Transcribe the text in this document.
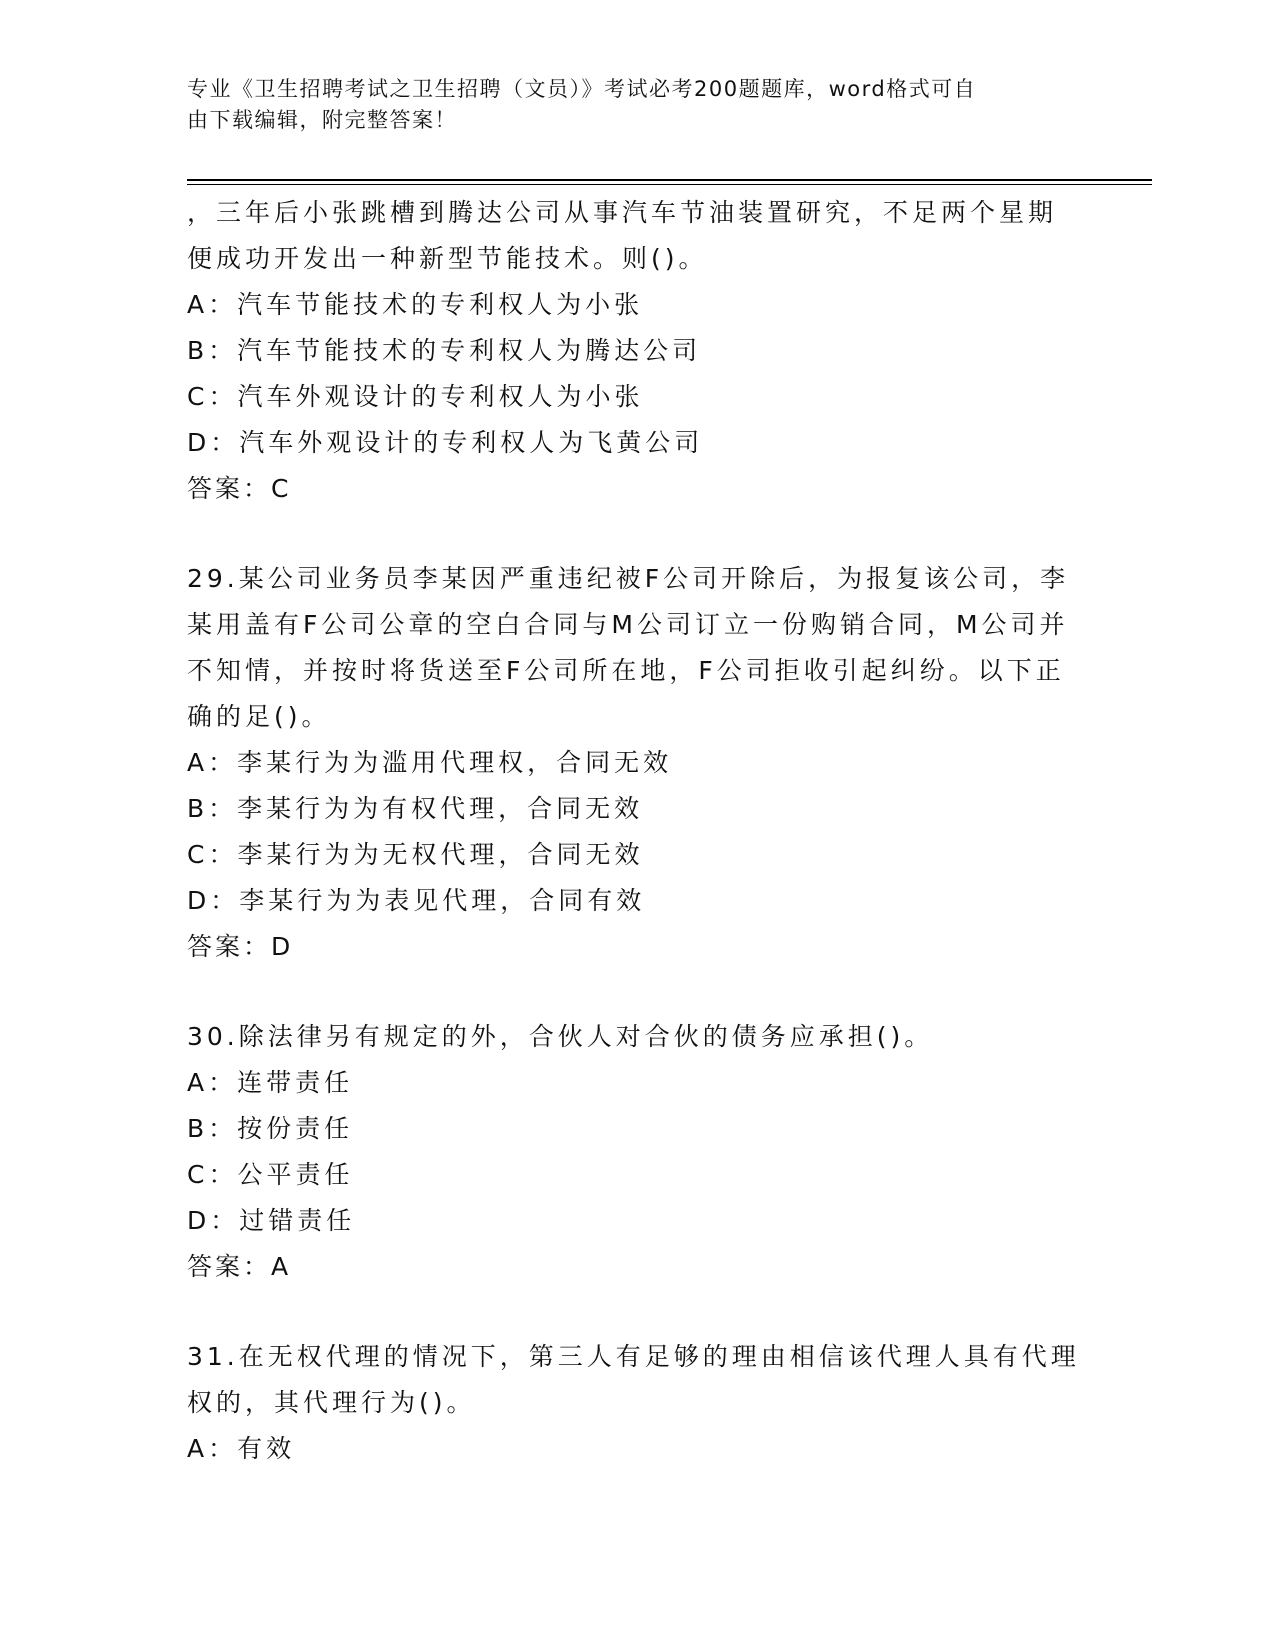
专业《卫生招聘考试之卫生招聘（文员）》考试必考200题题库，word格式可自
由下载编辑，附完整答案！
，三年后小张跳槽到腾达公司从事汽车节油装置研究，不足两个星期
便成功开发出一种新型节能技术。则()。
A：汽车节能技术的专利权人为小张
B：汽车节能技术的专利权人为腾达公司
C：汽车外观设计的专利权人为小张
D：汽车外观设计的专利权人为飞黄公司
答案：C
29.某公司业务员李某因严重违纪被F公司开除后，为报复该公司，李
某用盖有F公司公章的空白合同与M公司订立一份购销合同，M公司并
不知情，并按时将货送至F公司所在地，F公司拒收引起纠纷。以下正
确的足()。
A：李某行为为滥用代理权，合同无效
B：李某行为为有权代理，合同无效
C：李某行为为无权代理，合同无效
D：李某行为为表见代理，合同有效
答案：D
30.除法律另有规定的外，合伙人对合伙的债务应承担()。
A：连带责任
B：按份责任
C：公平责任
D：过错责任
答案：A
31.在无权代理的情况下，第三人有足够的理由相信该代理人具有代理
权的，其代理行为()。
A：有效
